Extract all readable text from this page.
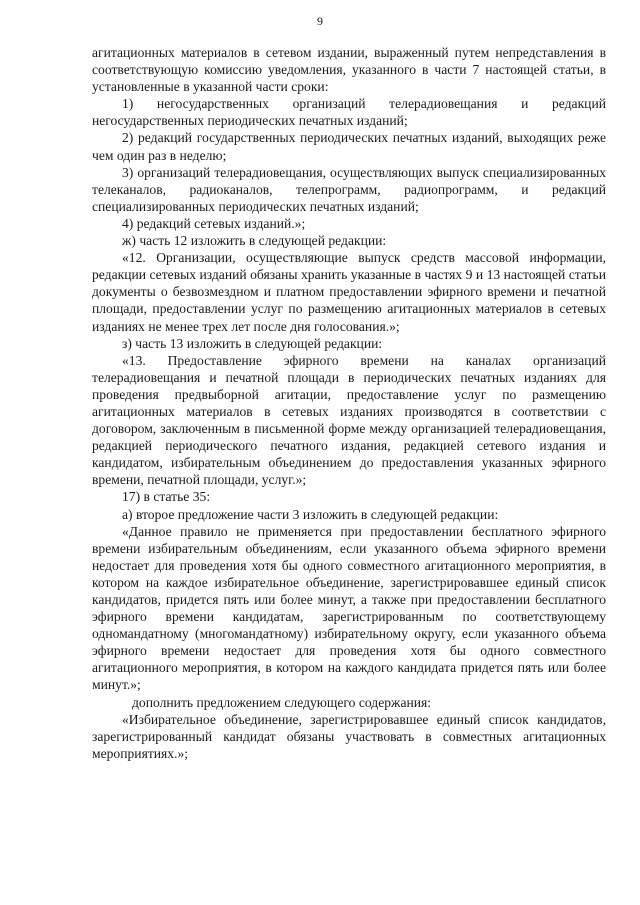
9

агитационных материалов в сетевом издании, выраженный путем непредставления в соответствующую комиссию уведомления, указанного в части 7 настоящей статьи, в установленные в указанной части сроки:

1) негосударственных организаций телерадиовещания и редакций негосударственных периодических печатных изданий;

2) редакций государственных периодических печатных изданий, выходящих реже чем один раз в неделю;

3) организаций телерадиовещания, осуществляющих выпуск специализированных телеканалов, радиоканалов, телепрограмм, радиопрограмм, и редакций специализированных периодических печатных изданий;

4) редакций сетевых изданий.»;

ж) часть 12 изложить в следующей редакции:

«12. Организации, осуществляющие выпуск средств массовой информации, редакции сетевых изданий обязаны хранить указанные в частях 9 и 13 настоящей статьи документы о безвозмездном и платном предоставлении эфирного времени и печатной площади, предоставлении услуг по размещению агитационных материалов в сетевых изданиях не менее трех лет после дня голосования.»;

з) часть 13 изложить в следующей редакции:

«13. Предоставление эфирного времени на каналах организаций телерадиовещания и печатной площади в периодических печатных изданиях для проведения предвыборной агитации, предоставление услуг по размещению агитационных материалов в сетевых изданиях производятся в соответствии с договором, заключенным в письменной форме между организацией телерадиовещания, редакцией периодического печатного издания, редакцией сетевого издания и кандидатом, избирательным объединением до предоставления указанных эфирного времени, печатной площади, услуг.»;

17) в статье 35:

а) второе предложение части 3 изложить в следующей редакции:

«Данное правило не применяется при предоставлении бесплатного эфирного времени избирательным объединениям, если указанного объема эфирного времени недостает для проведения хотя бы одного совместного агитационного мероприятия, в котором на каждое избирательное объединение, зарегистрировавшее единый список кандидатов, придется пять или более минут, а также при предоставлении бесплатного эфирного времени кандидатам, зарегистрированным по соответствующему одномандатному (многомандатному) избирательному округу, если указанного объема эфирного времени недостает для проведения хотя бы одного совместного агитационного мероприятия, в котором на каждого кандидата придется пять или более минут.»;

дополнить предложением следующего содержания:

«Избирательное объединение, зарегистрировавшее единый список кандидатов, зарегистрированный кандидат обязаны участвовать в совместных агитационных мероприятиях.»;
